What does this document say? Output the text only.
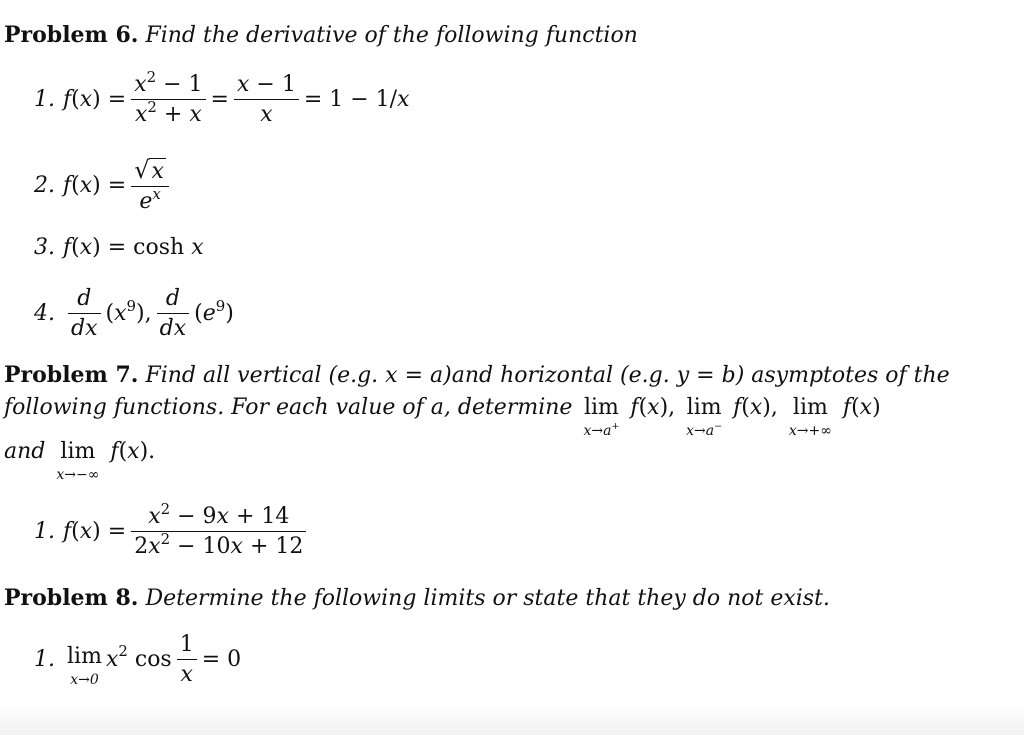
Problem 6. Find the derivative of the following function
1. $f(x) = \frac{x^2 - 1}{x^2 + x} = \frac{x - 1}{x} = 1 - 1/x$
2. $f(x) = \frac{√ x}{e^x}$
3. f(x) = cosh x
4. $\frac{d}{dx} (x^9)$, $\frac{d}{dx} (e^9)$
Problem 7. Find all vertical (e.g. x = a)and horizontal (e.g. y = b) asymptotes of the
following functions. For each value of a, determine lim
x→a+
f(x), lim
x→a−
f(x), lim
x→+∞
f(x)
and lim
x→−∞
f(x).
1. $f(x) = \frac{x^2 - 9x + 14}{2x^2 - 10x + 12}$
Problem 8. Determine the following limits or state that they do not exist.
1. lim
x→0
$x^2$ $\cos \frac{1}{x} = 0$
